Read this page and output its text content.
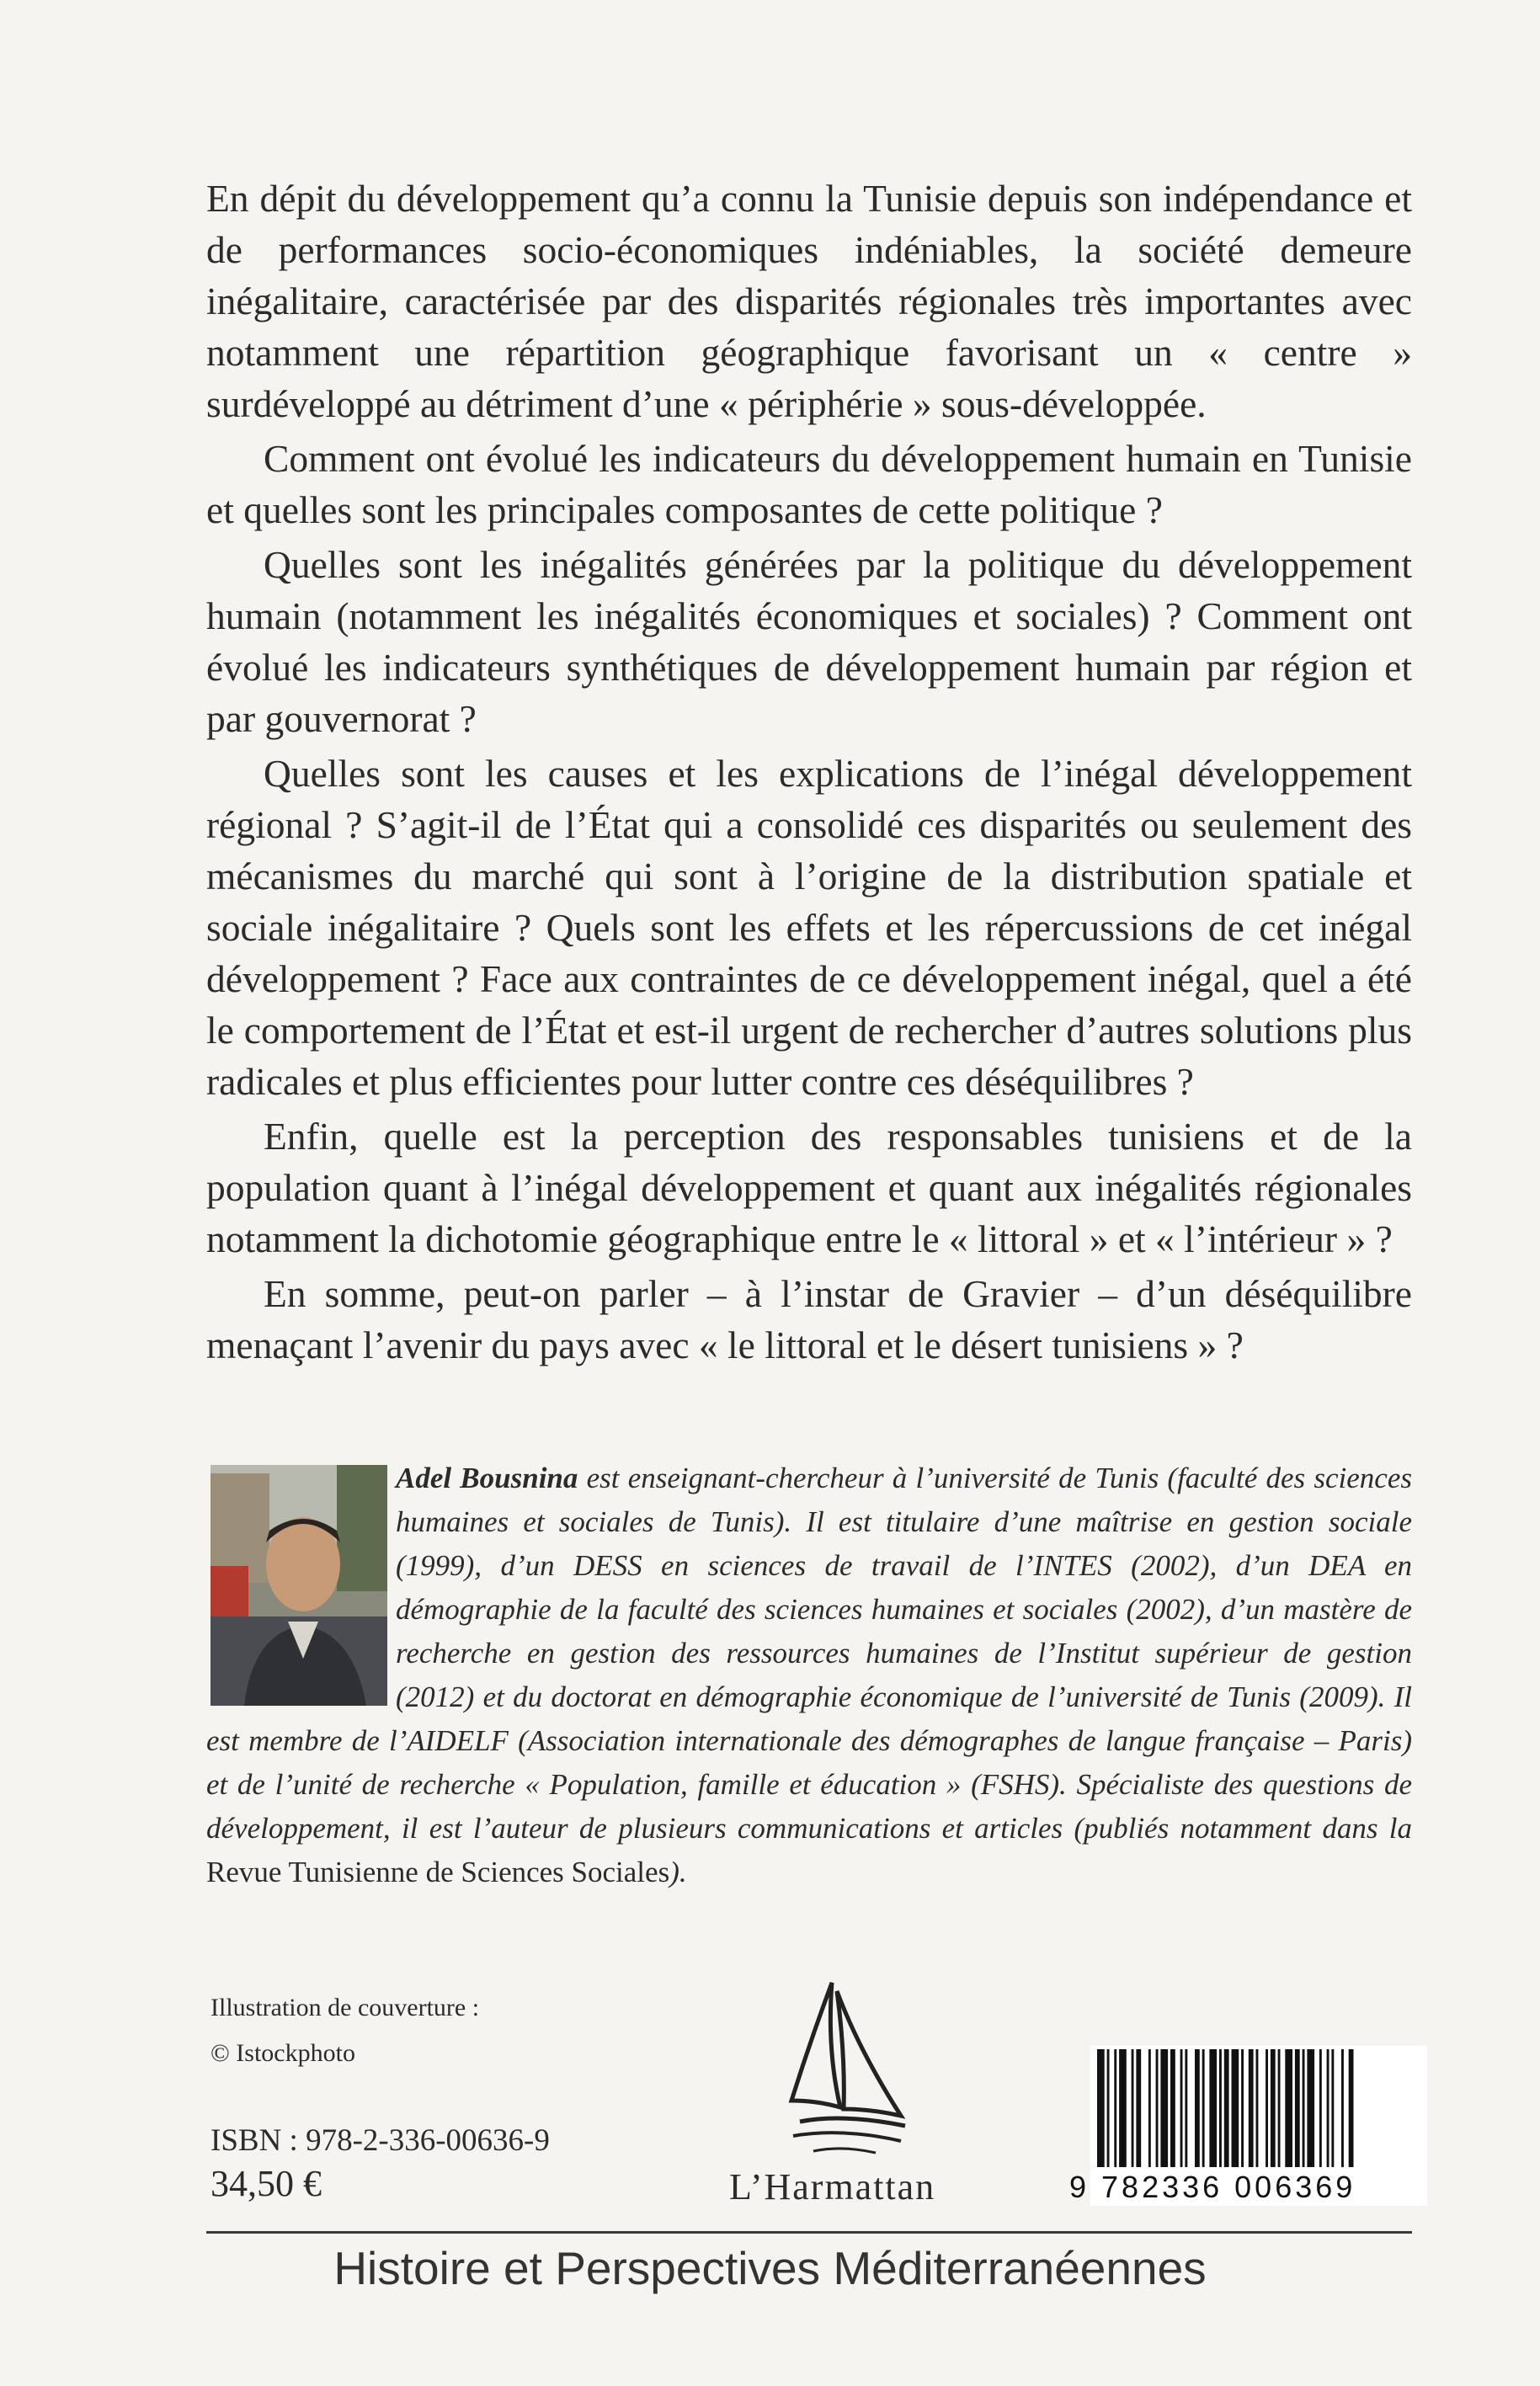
En dépit du développement qu’a connu la Tunisie depuis son indépendance et de performances socio-économiques indéniables, la société demeure inégalitaire, caractérisée par des disparités régionales très importantes avec notamment une répartition géographique favorisant un « centre » surdéveloppé au détriment d’une « périphérie » sous-développée.

Comment ont évolué les indicateurs du développement humain en Tunisie et quelles sont les principales composantes de cette politique ?

Quelles sont les inégalités générées par la politique du développement humain (notamment les inégalités économiques et sociales) ? Comment ont évolué les indicateurs synthétiques de développement humain par région et par gouvernorat ?

Quelles sont les causes et les explications de l’inégal développement régional ? S’agit-il de l’État qui a consolidé ces disparités ou seulement des mécanismes du marché qui sont à l’origine de la distribution spatiale et sociale inégalitaire ? Quels sont les effets et les répercussions de cet inégal développement ? Face aux contraintes de ce développement inégal, quel a été le comportement de l’État et est-il urgent de rechercher d’autres solutions plus radicales et plus efficientes pour lutter contre ces déséquilibres ?

Enfin, quelle est la perception des responsables tunisiens et de la population quant à l’inégal développement et quant aux inégalités régionales notamment la dichotomie géographique entre le « littoral » et « l’intérieur » ?

En somme, peut-on parler – à l’instar de Gravier – d’un déséquilibre menaçant l’avenir du pays avec « le littoral et le désert tunisiens » ?

Adel Bousnina est enseignant-chercheur à l’université de Tunis (faculté des sciences humaines et sociales de Tunis). Il est titulaire d’une maîtrise en gestion sociale (1999), d’un DESS en sciences de travail de l’INTES (2002), d’un DEA en démographie de la faculté des sciences humaines et sociales (2002), d’un mastère de recherche en gestion des ressources humaines de l’Institut supérieur de gestion (2012) et du doctorat en démographie économique de l’université de Tunis (2009). Il est membre de l’AIDELF (Association internationale des démographes de langue française – Paris) et de l’unité de recherche « Population, famille et éducation » (FSHS). Spécialiste des questions de développement, il est l’auteur de plusieurs communications et articles (publiés notamment dans la Revue Tunisienne de Sciences Sociales).
Illustration de couverture :
© Istockphoto
ISBN : 978-2-336-00636-9
34,50 €	L’Harmattan	9 782336 006369
Histoire et Perspectives Méditerranéennes
